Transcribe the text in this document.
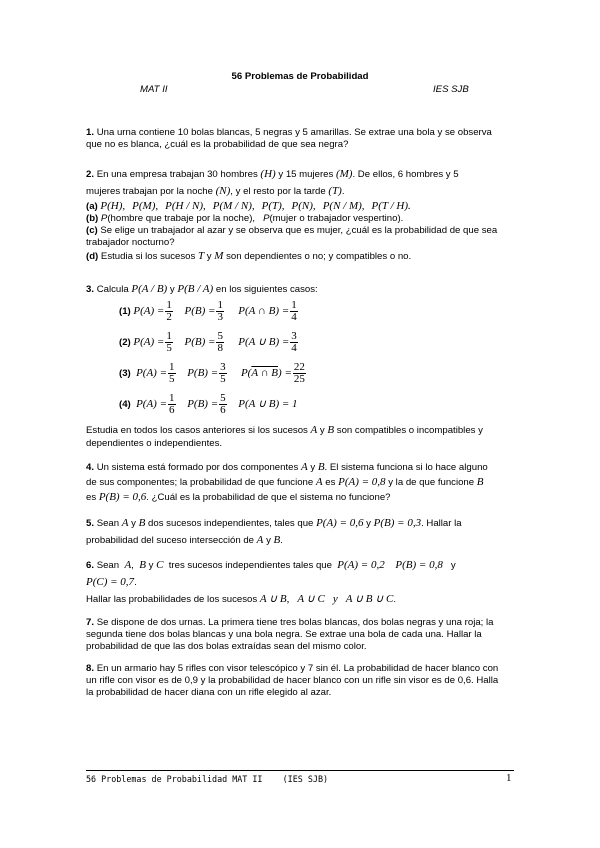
56 Problemas de Probabilidad
MAT II	IES SJB
1. Una urna contiene 10 bolas blancas, 5 negras y 5 amarillas. Se extrae una bola y se observa
que no es blanca, ¿cuál es la probabilidad de que sea negra?
2. En una empresa trabajan 30 hombres (H) y 15 mujeres (M). De ellos, 6 hombres y 5
mujeres trabajan por la noche (N), y el resto por la tarde (T).
(a) P(H), P(M), P(H / N), P(M / N), P(T), P(N), P(N / M), P(T / H).
(b) P(hombre que trabaje por la noche), P(mujer o trabajador vespertino).
(c) Se elige un trabajador al azar y se observa que es mujer, ¿cuál es la probabilidad de que sea
trabajador nocturno?
(d) Estudia si los sucesos T y M son dependientes o no; y compatibles o no.
3. Calcula P(A / B) y P(B / A) en los siguientes casos:
(1) $P(A) = \frac{1}{2} P(B) = \frac{1}{3} P(A$ ∩ $B) = \frac{1}{4}$
(2) $P(A) = \frac{1}{5} P(B) = \frac{5}{8} P(A$ ∪ $B) = \frac{3}{4}$
(3) $P(A) = \frac{1}{5} P(B) = \frac{3}{5} P(A$ ∩ $B) = \frac{22}{25}$
(4) $P(A) = \frac{1}{6} P(B) = \frac{5}{6} P(A$ ∪ B) = 1
Estudia en todos los casos anteriores si los sucesos A y B son compatibles o incompatibles y
dependientes o independientes.
4. Un sistema está formado por dos componentes A y B. El sistema funciona si lo hace alguno
de sus componentes; la probabilidad de que funcione A es P(A) = 0,8 y la de que funcione B
es P(B) = 0,6. ¿Cuál es la probabilidad de que el sistema no funcione?
5. Sean A y B dos sucesos independientes, tales que P(A) = 0,6 y P(B) = 0,3. Hallar la
probabilidad del suceso intersección de A y B.
6. Sean A, B y C tres sucesos independientes tales que P(A) = 0,2 P(B) = 0,8 y
P(C) = 0,7.
Hallar las probabilidades de los sucesos A ∪ B, A ∪ C y A ∪ B ∪ C.
7. Se dispone de dos urnas. La primera tiene tres bolas blancas, dos bolas negras y una roja; la
segunda tiene dos bolas blancas y una bola negra. Se extrae una bola de cada una. Hallar la
probabilidad de que las dos bolas extraídas sean del mismo color.
8. En un armario hay 5 rifles con visor telescópico y 7 sin él. La probabilidad de hacer blanco con
un rifle con visor es de 0,9 y la probabilidad de hacer blanco con un rifle sin visor es de 0,6. Halla
la probabilidad de hacer diana con un rifle elegido al azar.
56 Problemas de Probabilidad MAT II    (IES SJB)	1
